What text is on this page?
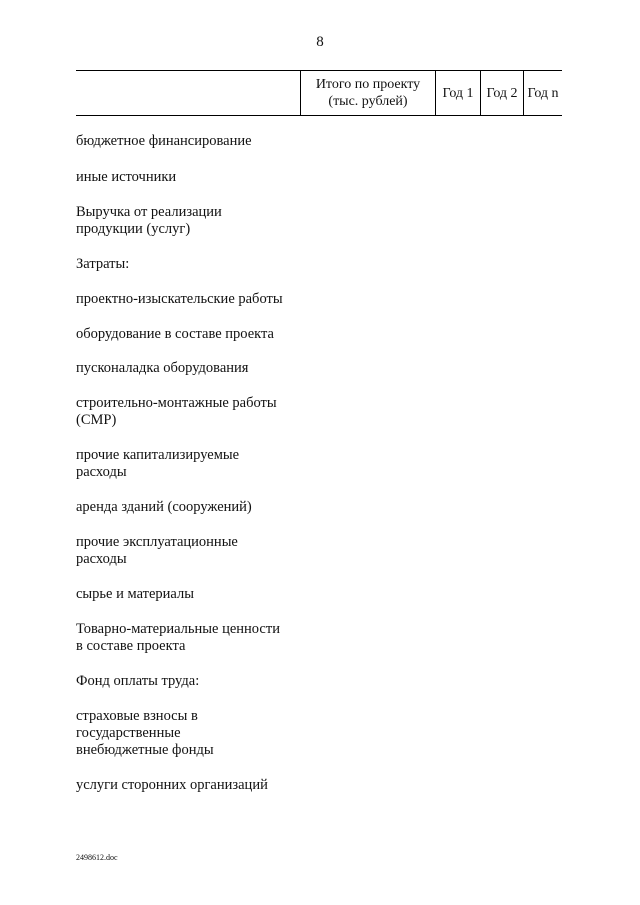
8
Итого по проекту
(тыс. рублей)
Год 1 Год 2 Год n
бюджетное финансирование
иные источники
Выручка от реализации
продукции (услуг)
Затраты:
проектно-изыскательские работы
оборудование в составе проекта
пусконаладка оборудования
строительно-монтажные работы
(СМР)
прочие капитализируемые
расходы
аренда зданий (сооружений)
прочие эксплуатационные
расходы
сырье и материалы
Товарно-материальные ценности
в составе проекта
Фонд оплаты труда:
страховые взносы в
государственные
внебюджетные фонды
услуги сторонних организаций
2498612.doc
